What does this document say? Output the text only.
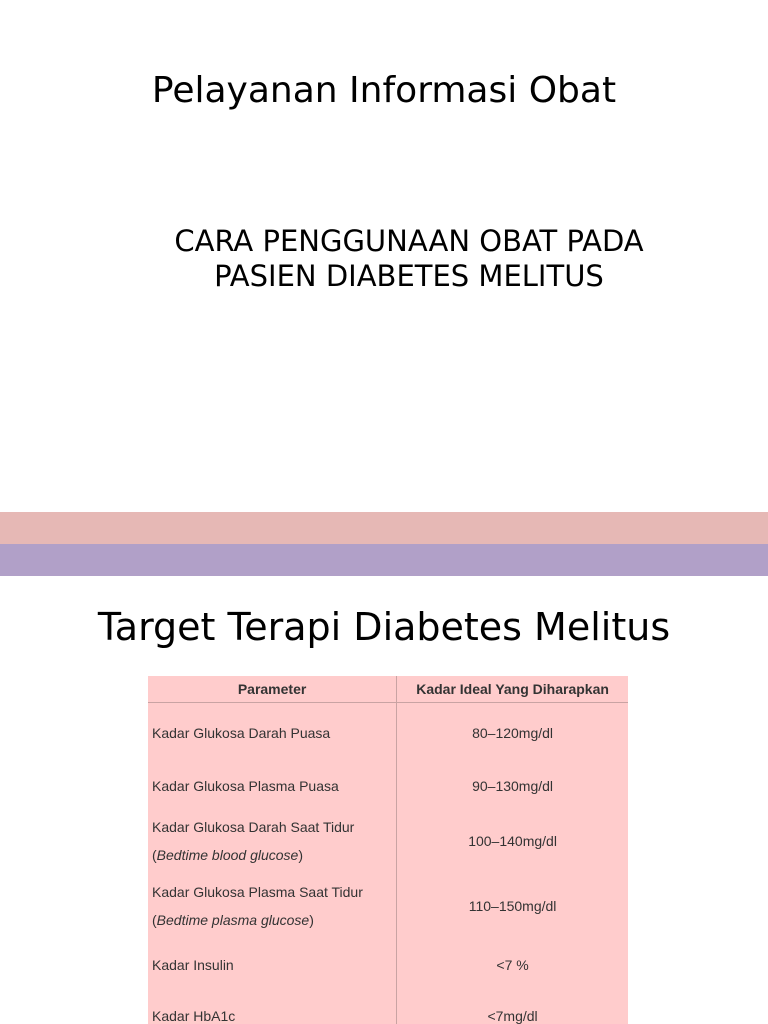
Pelayanan Informasi Obat
CARA PENGGUNAAN OBAT PADA
PASIEN DIABETES MELITUS
Target Terapi Diabetes Melitus
Parameter	Kadar Ideal Yang Diharapkan
Kadar Glukosa Darah Puasa	80–120mg/dl
Kadar Glukosa Plasma Puasa	90–130mg/dl

Kadar Glukosa Darah Saat Tidur
(Bedtime blood glucose)	100–140mg/dl

Kadar Glukosa Plasma Saat Tidur
(Bedtime plasma glucose)	110–150mg/dl
Kadar Insulin	<7 %
Kadar HbA1c	<7mg/dl
